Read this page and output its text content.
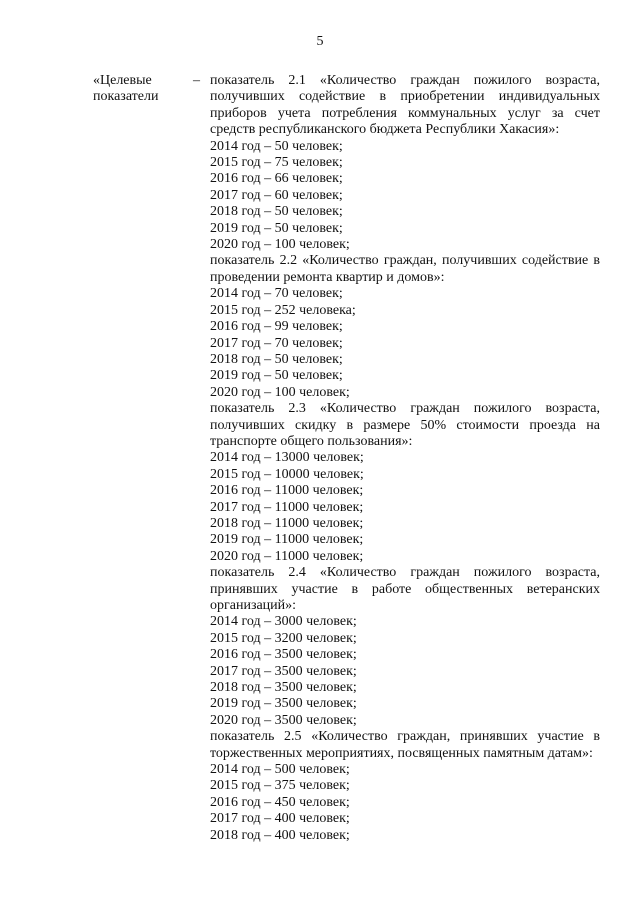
5
«Целевые показатели
– показатель 2.1 «Количество граждан пожилого возраста, получивших содействие в приобретении индивидуальных приборов учета потребления коммунальных услуг за счет средств республиканского бюджета Республики Хакасия»:

2014 год – 50 человек;

2015 год – 75 человек;

2016 год – 66 человек;

2017 год – 60 человек;

2018 год – 50 человек;

2019 год – 50 человек;

2020 год – 100 человек;

показатель 2.2 «Количество граждан, получивших содействие в проведении ремонта квартир и домов»:

2014 год – 70 человек;

2015 год – 252 человека;

2016 год – 99 человек;

2017 год – 70 человек;

2018 год – 50 человек;

2019 год – 50 человек;

2020 год – 100 человек;

показатель 2.3 «Количество граждан пожилого возраста, получивших скидку в размере 50% стоимости проезда на транспорте общего пользования»:

2014 год – 13000 человек;

2015 год – 10000 человек;

2016 год – 11000 человек;

2017 год – 11000 человек;

2018 год – 11000 человек;

2019 год – 11000 человек;

2020 год – 11000 человек;

показатель 2.4 «Количество граждан пожилого возраста, принявших участие в работе общественных ветеранских организаций»:

2014 год – 3000 человек;

2015 год – 3200 человек;

2016 год – 3500 человек;

2017 год – 3500 человек;

2018 год – 3500 человек;

2019 год – 3500 человек;

2020 год – 3500 человек;

показатель 2.5 «Количество граждан, принявших участие в торжественных мероприятиях, посвященных памятным датам»:

2014 год – 500 человек;

2015 год – 375 человек;

2016 год – 450 человек;

2017 год – 400 человек;

2018 год – 400 человек;
